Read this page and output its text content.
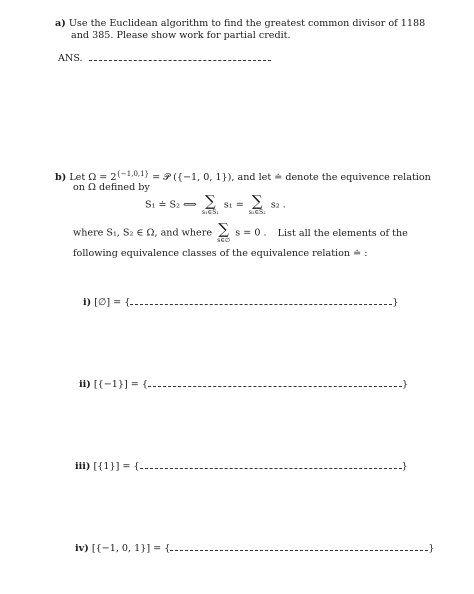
a) Use the Euclidean algorithm to find the greatest common divisor of 1188
and 385. Please show work for partial credit.
ANS.
b) Let $\Omega = 2^{\{-1,0,1\}}$ = 𝒫 ({−1, 0, 1}), and let ≐ denote the equivence relation
on Ω defined by
S₁ ≐ S₂ ⟺ ∑
s₁∈S₁
s₁ = ∑
s₂∈S₂
s₂ .
where S₁, S₂ ∈ Ω, and where ∑
s∈∅
s = 0 . List all the elements of the
following equivalence classes of the equivalence relation ≐ :
i) [∅] = {	}
ii) [{−1}] = {	}
iii) [{1}] = {	}
iv) [{−1, 0, 1}] = {	}
